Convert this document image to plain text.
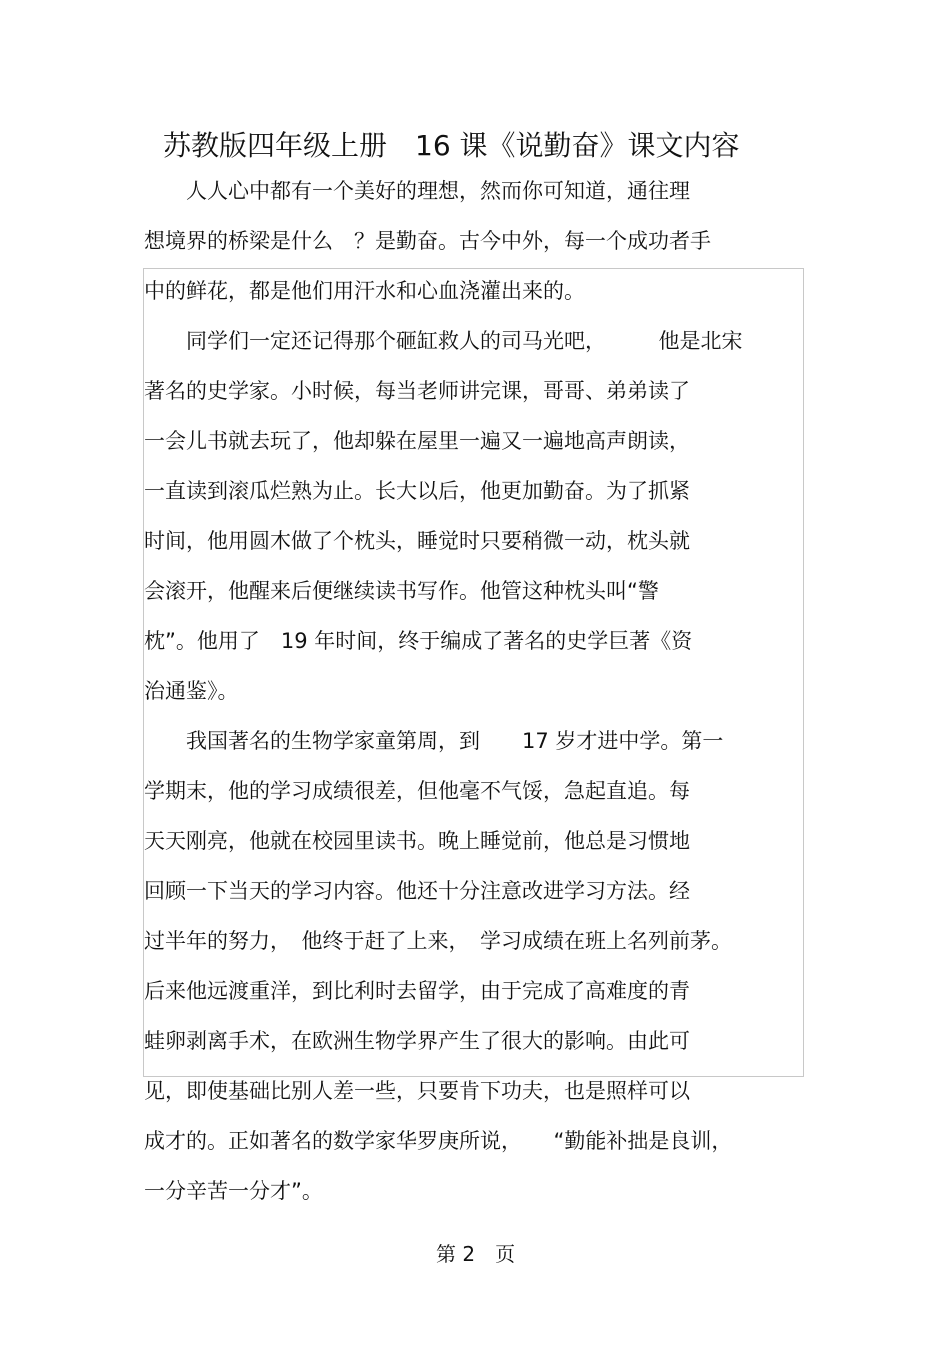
苏教版四年级上册　16 课《说勤奋》课文内容
　　人人心中都有一个美好的理想，然而你可知道，通往理
想境界的桥梁是什么　？是勤奋。古今中外，每一个成功者手
中的鲜花，都是他们用汗水和心血浇灌出来的。
　　同学们一定还记得那个砸缸救人的司马光吧，　　　他是北宋
著名的史学家。小时候，每当老师讲完课，哥哥、弟弟读了
一会儿书就去玩了，他却躲在屋里一遍又一遍地高声朗读，
一直读到滚瓜烂熟为止。长大以后，他更加勤奋。为了抓紧
时间，他用圆木做了个枕头，睡觉时只要稍微一动，枕头就
会滚开，他醒来后便继续读书写作。他管这种枕头叫“警
枕”。他用了　19 年时间，终于编成了著名的史学巨著《资
治通鉴》。
　　我国著名的生物学家童第周，到　　17 岁才进中学。第一
学期末，他的学习成绩很差，但他毫不气馁，急起直追。每
天天刚亮，他就在校园里读书。晚上睡觉前，他总是习惯地
回顾一下当天的学习内容。他还十分注意改进学习方法。经
过半年的努力，　他终于赶了上来，　学习成绩在班上名列前茅。
后来他远渡重洋，到比利时去留学，由于完成了高难度的青
蛙卵剥离手术，在欧洲生物学界产生了很大的影响。由此可
见，即使基础比别人差一些，只要肯下功夫，也是照样可以
成才的。正如著名的数学家华罗庚所说，　　“勤能补拙是良训，
一分辛苦一分才”。
第 2　页
